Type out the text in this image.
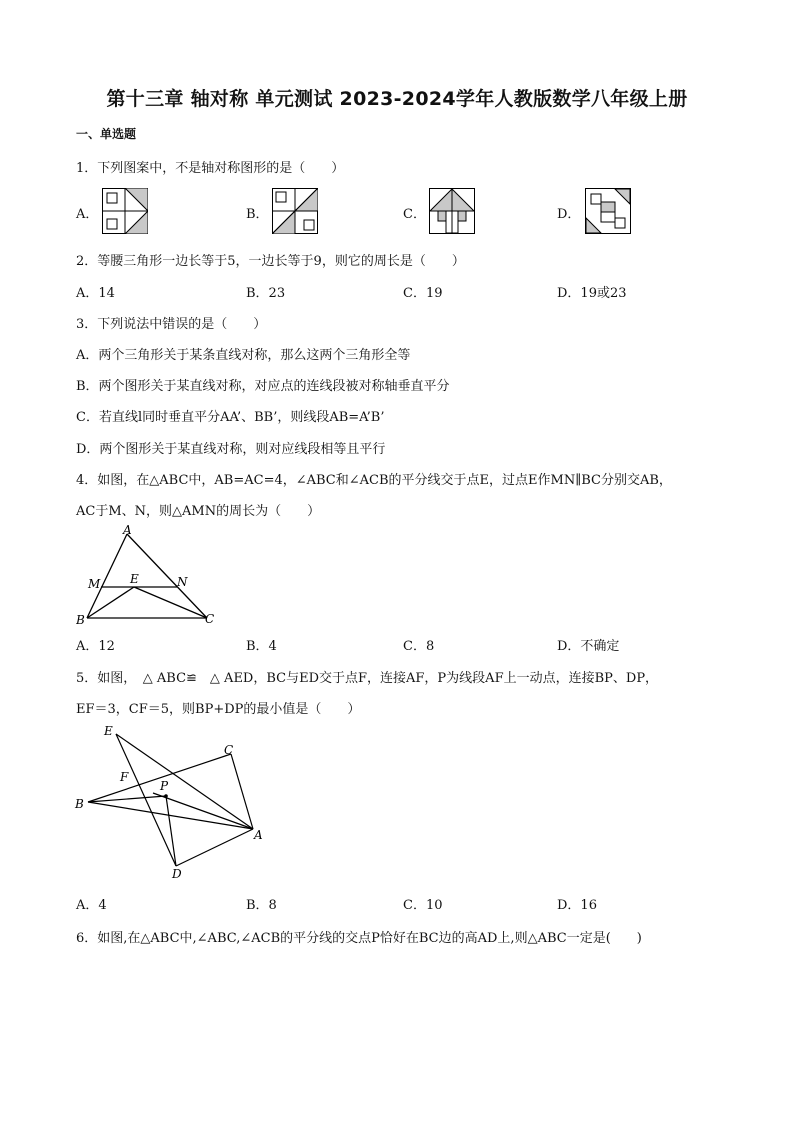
第十三章 轴对称 单元测试 2023-2024学年人教版数学八年级上册
一、单选题
1．下列图案中，不是轴对称图形的是（　　）
A．	B．	C．	D．
2．等腰三角形一边长等于5，一边长等于9，则它的周长是（　　）
A．14	B．23	C．19	D．19或23
3．下列说法中错误的是（　　）
A．两个三角形关于某条直线对称，那么这两个三角形全等
B．两个图形关于某直线对称，对应点的连线段被对称轴垂直平分
C．若直线l同时垂直平分AA’、BB’，则线段AB=A’B’
D．两个图形关于某直线对称，则对应线段相等且平行
4．如图，在△ABC中，AB=AC=4，∠ABC和∠ACB的平分线交于点E，过点E作MN∥BC分别交AB，
AC于M、N，则△AMN的周长为（　　）
A
M E	N
B	C
A．12	B．4	C．8	D．不确定
5．如图，　△ ABC≌　△ AED，BC与ED交于点F，连接AF，P为线段AF上一动点，连接BP、DP，
EF＝3，CF＝5，则BP+DP的最小值是（　　）
E
C
F
P
B
A
D
A．4	B．8	C．10	D．16
6．如图,在△ABC中,∠ABC,∠ACB的平分线的交点P恰好在BC边的高AD上,则△ABC一定是(　　)
